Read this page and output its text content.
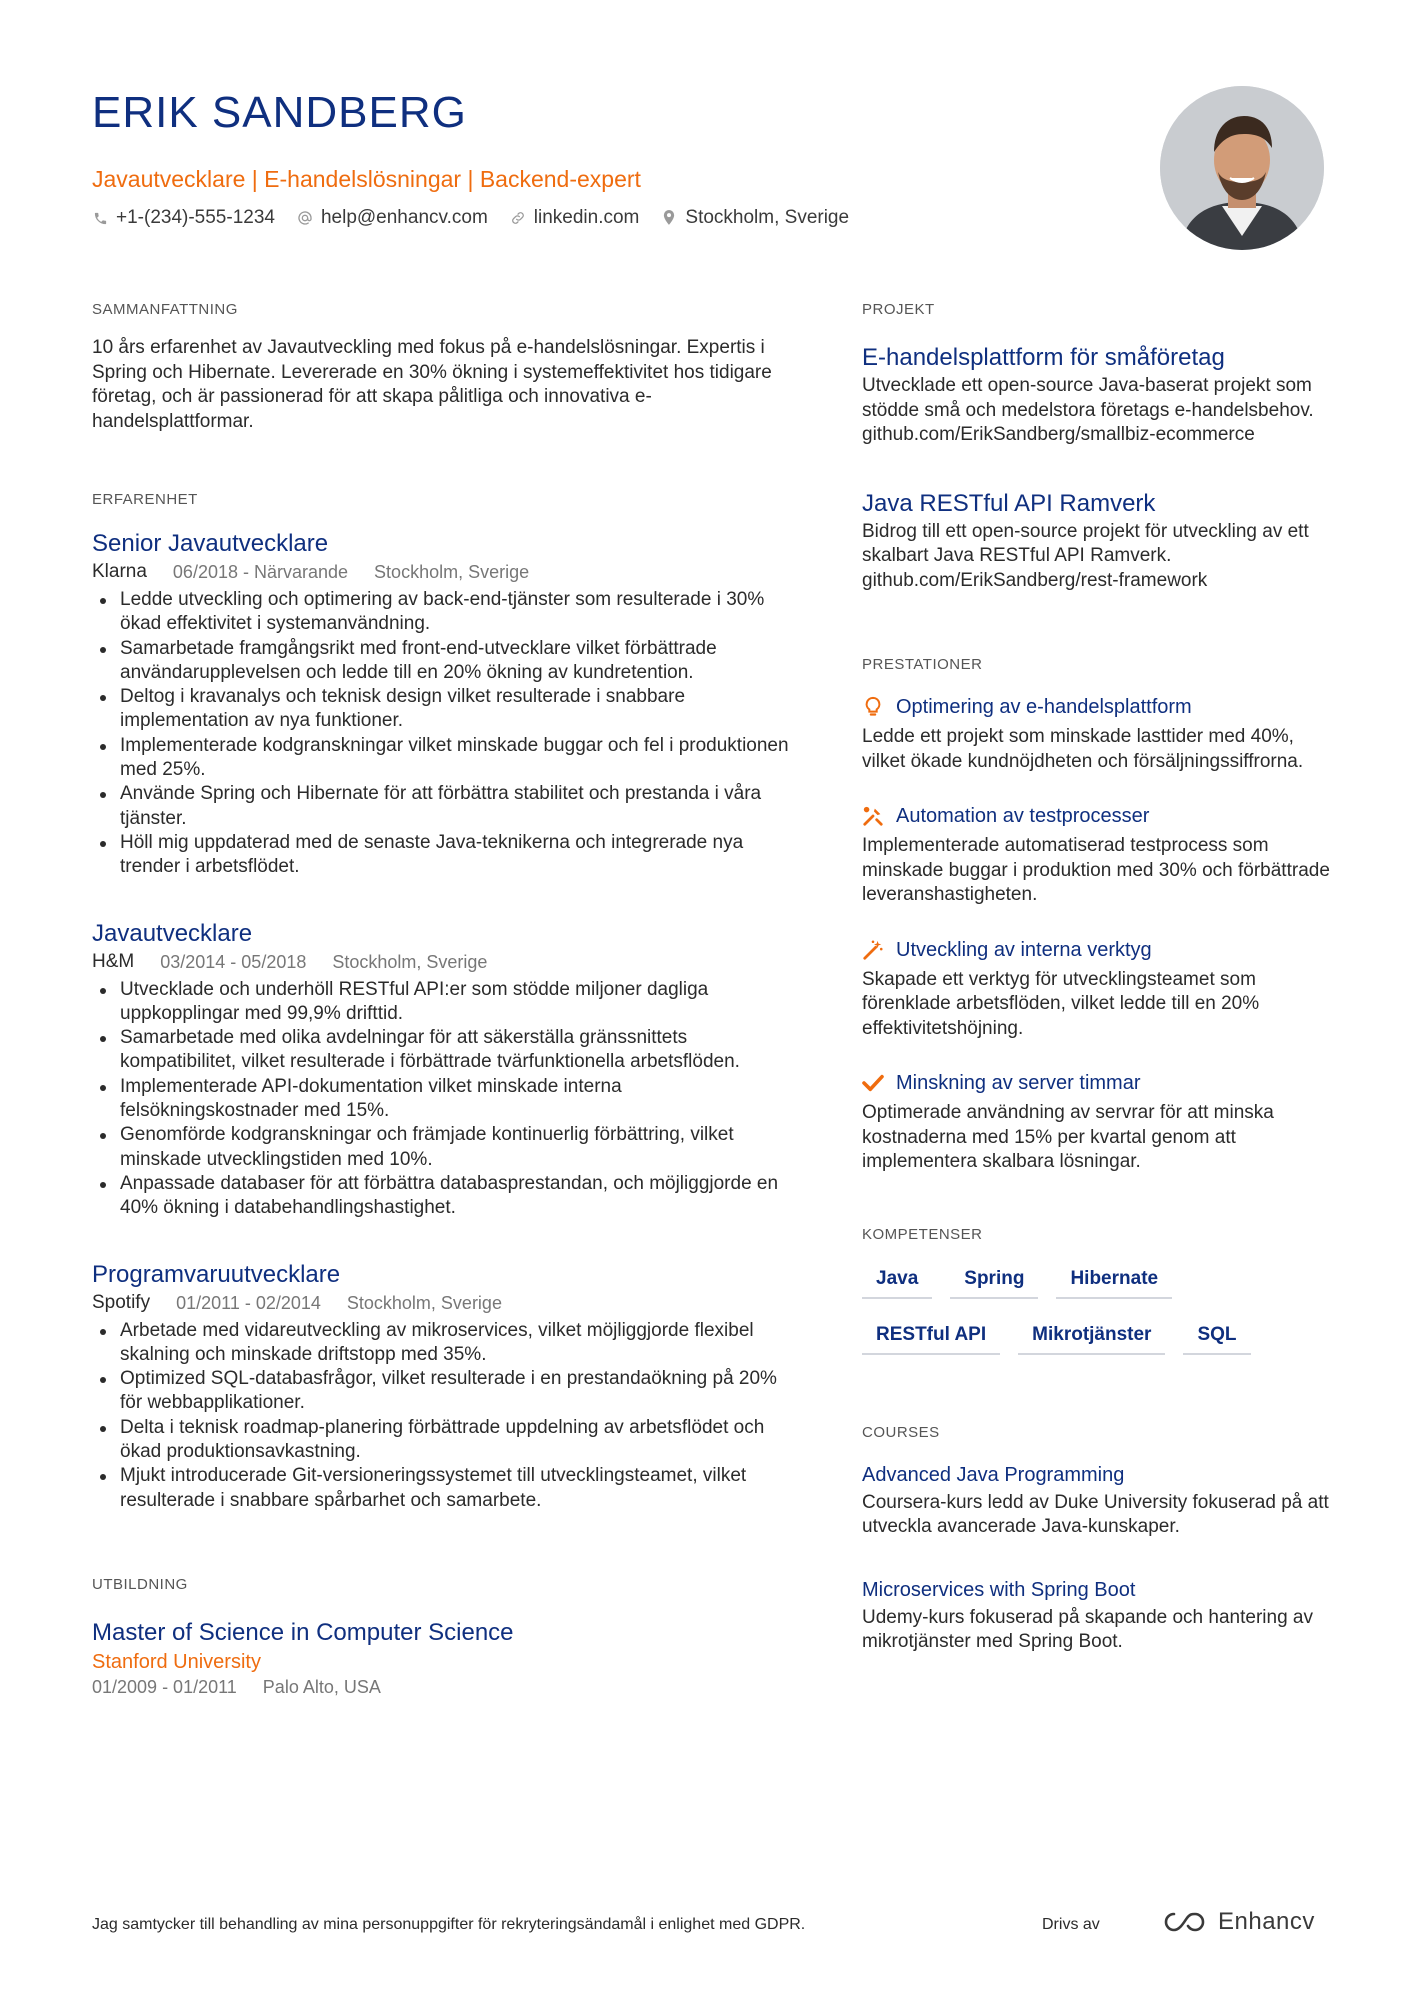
ERIK SANDBERG
Javautvecklare | E-handelslösningar | Backend-expert
+1-(234)-555-1234 help@enhancv.com linkedin.com Stockholm, Sverige
SAMMANFATTNING
10 års erfarenhet av Javautveckling med fokus på e-handelslösningar. Expertis i Spring och Hibernate. Levererade en 30% ökning i systemeffektivitet hos tidigare företag, och är passionerad för att skapa pålitliga och innovativa e-handelsplattformar.
ERFARENHET
Senior Javautvecklare
Klarna 06/2018 - Närvarande Stockholm, Sverige
Ledde utveckling och optimering av back-end-tjänster som resulterade i 30% ökad effektivitet i systemanvändning.
Samarbetade framgångsrikt med front-end-utvecklare vilket förbättrade användarupplevelsen och ledde till en 20% ökning av kundretention.
Deltog i kravanalys och teknisk design vilket resulterade i snabbare implementation av nya funktioner.
Implementerade kodgranskningar vilket minskade buggar och fel i produktionen med 25%.
Använde Spring och Hibernate för att förbättra stabilitet och prestanda i våra tjänster.
Höll mig uppdaterad med de senaste Java-teknikerna och integrerade nya trender i arbetsflödet.
Javautvecklare
H&M 03/2014 - 05/2018 Stockholm, Sverige
Utvecklade och underhöll RESTful API:er som stödde miljoner dagliga uppkopplingar med 99,9% drifttid.
Samarbetade med olika avdelningar för att säkerställa gränssnittets kompatibilitet, vilket resulterade i förbättrade tvärfunktionella arbetsflöden.
Implementerade API-dokumentation vilket minskade interna felsökningskostnader med 15%.
Genomförde kodgranskningar och främjade kontinuerlig förbättring, vilket minskade utvecklingstiden med 10%.
Anpassade databaser för att förbättra databasprestandan, och möjliggjorde en 40% ökning i databehandlingshastighet.
Programvaruutvecklare
Spotify 01/2011 - 02/2014 Stockholm, Sverige
Arbetade med vidareutveckling av mikroservices, vilket möjliggjorde flexibel skalning och minskade driftstopp med 35%.
Optimized SQL-databasfrågor, vilket resulterade i en prestandaökning på 20% för webbapplikationer.
Delta i teknisk roadmap-planering förbättrade uppdelning av arbetsflödet och ökad produktionsavkastning.
Mjukt introducerade Git-versioneringssystemet till utvecklingsteamet, vilket resulterade i snabbare spårbarhet och samarbete.
UTBILDNING
Master of Science in Computer Science
Stanford University
01/2009 - 01/2011 Palo Alto, USA
PROJEKT
E-handelsplattform för småföretag
Utvecklade ett open-source Java-baserat projekt som stödde små och medelstora företags e-handelsbehov.
github.com/ErikSandberg/smallbiz-ecommerce
Java RESTful API Ramverk
Bidrog till ett open-source projekt för utveckling av ett skalbart Java RESTful API Ramverk.
github.com/ErikSandberg/rest-framework
PRESTATIONER
Optimering av e-handelsplattform
Ledde ett projekt som minskade lasttider med 40%, vilket ökade kundnöjdheten och försäljningssiffrorna.
Automation av testprocesser
Implementerade automatiserad testprocess som minskade buggar i produktion med 30% och förbättrade leveranshastigheten.
Utveckling av interna verktyg
Skapade ett verktyg för utvecklingsteamet som förenklade arbetsflöden, vilket ledde till en 20% effektivitetshöjning.
Minskning av server timmar
Optimerade användning av servrar för att minska kostnaderna med 15% per kvartal genom att implementera skalbara lösningar.
KOMPETENSER
Java	Spring	Hibernate
RESTful API	Mikrotjänster	SQL
COURSES
Advanced Java Programming
Coursera-kurs ledd av Duke University fokuserad på att utveckla avancerade Java-kunskaper.
Microservices with Spring Boot
Udemy-kurs fokuserad på skapande och hantering av mikrotjänster med Spring Boot.
Jag samtycker till behandling av mina personuppgifter för rekryteringsändamål i enlighet med GDPR.	Drivs av	Enhancv
